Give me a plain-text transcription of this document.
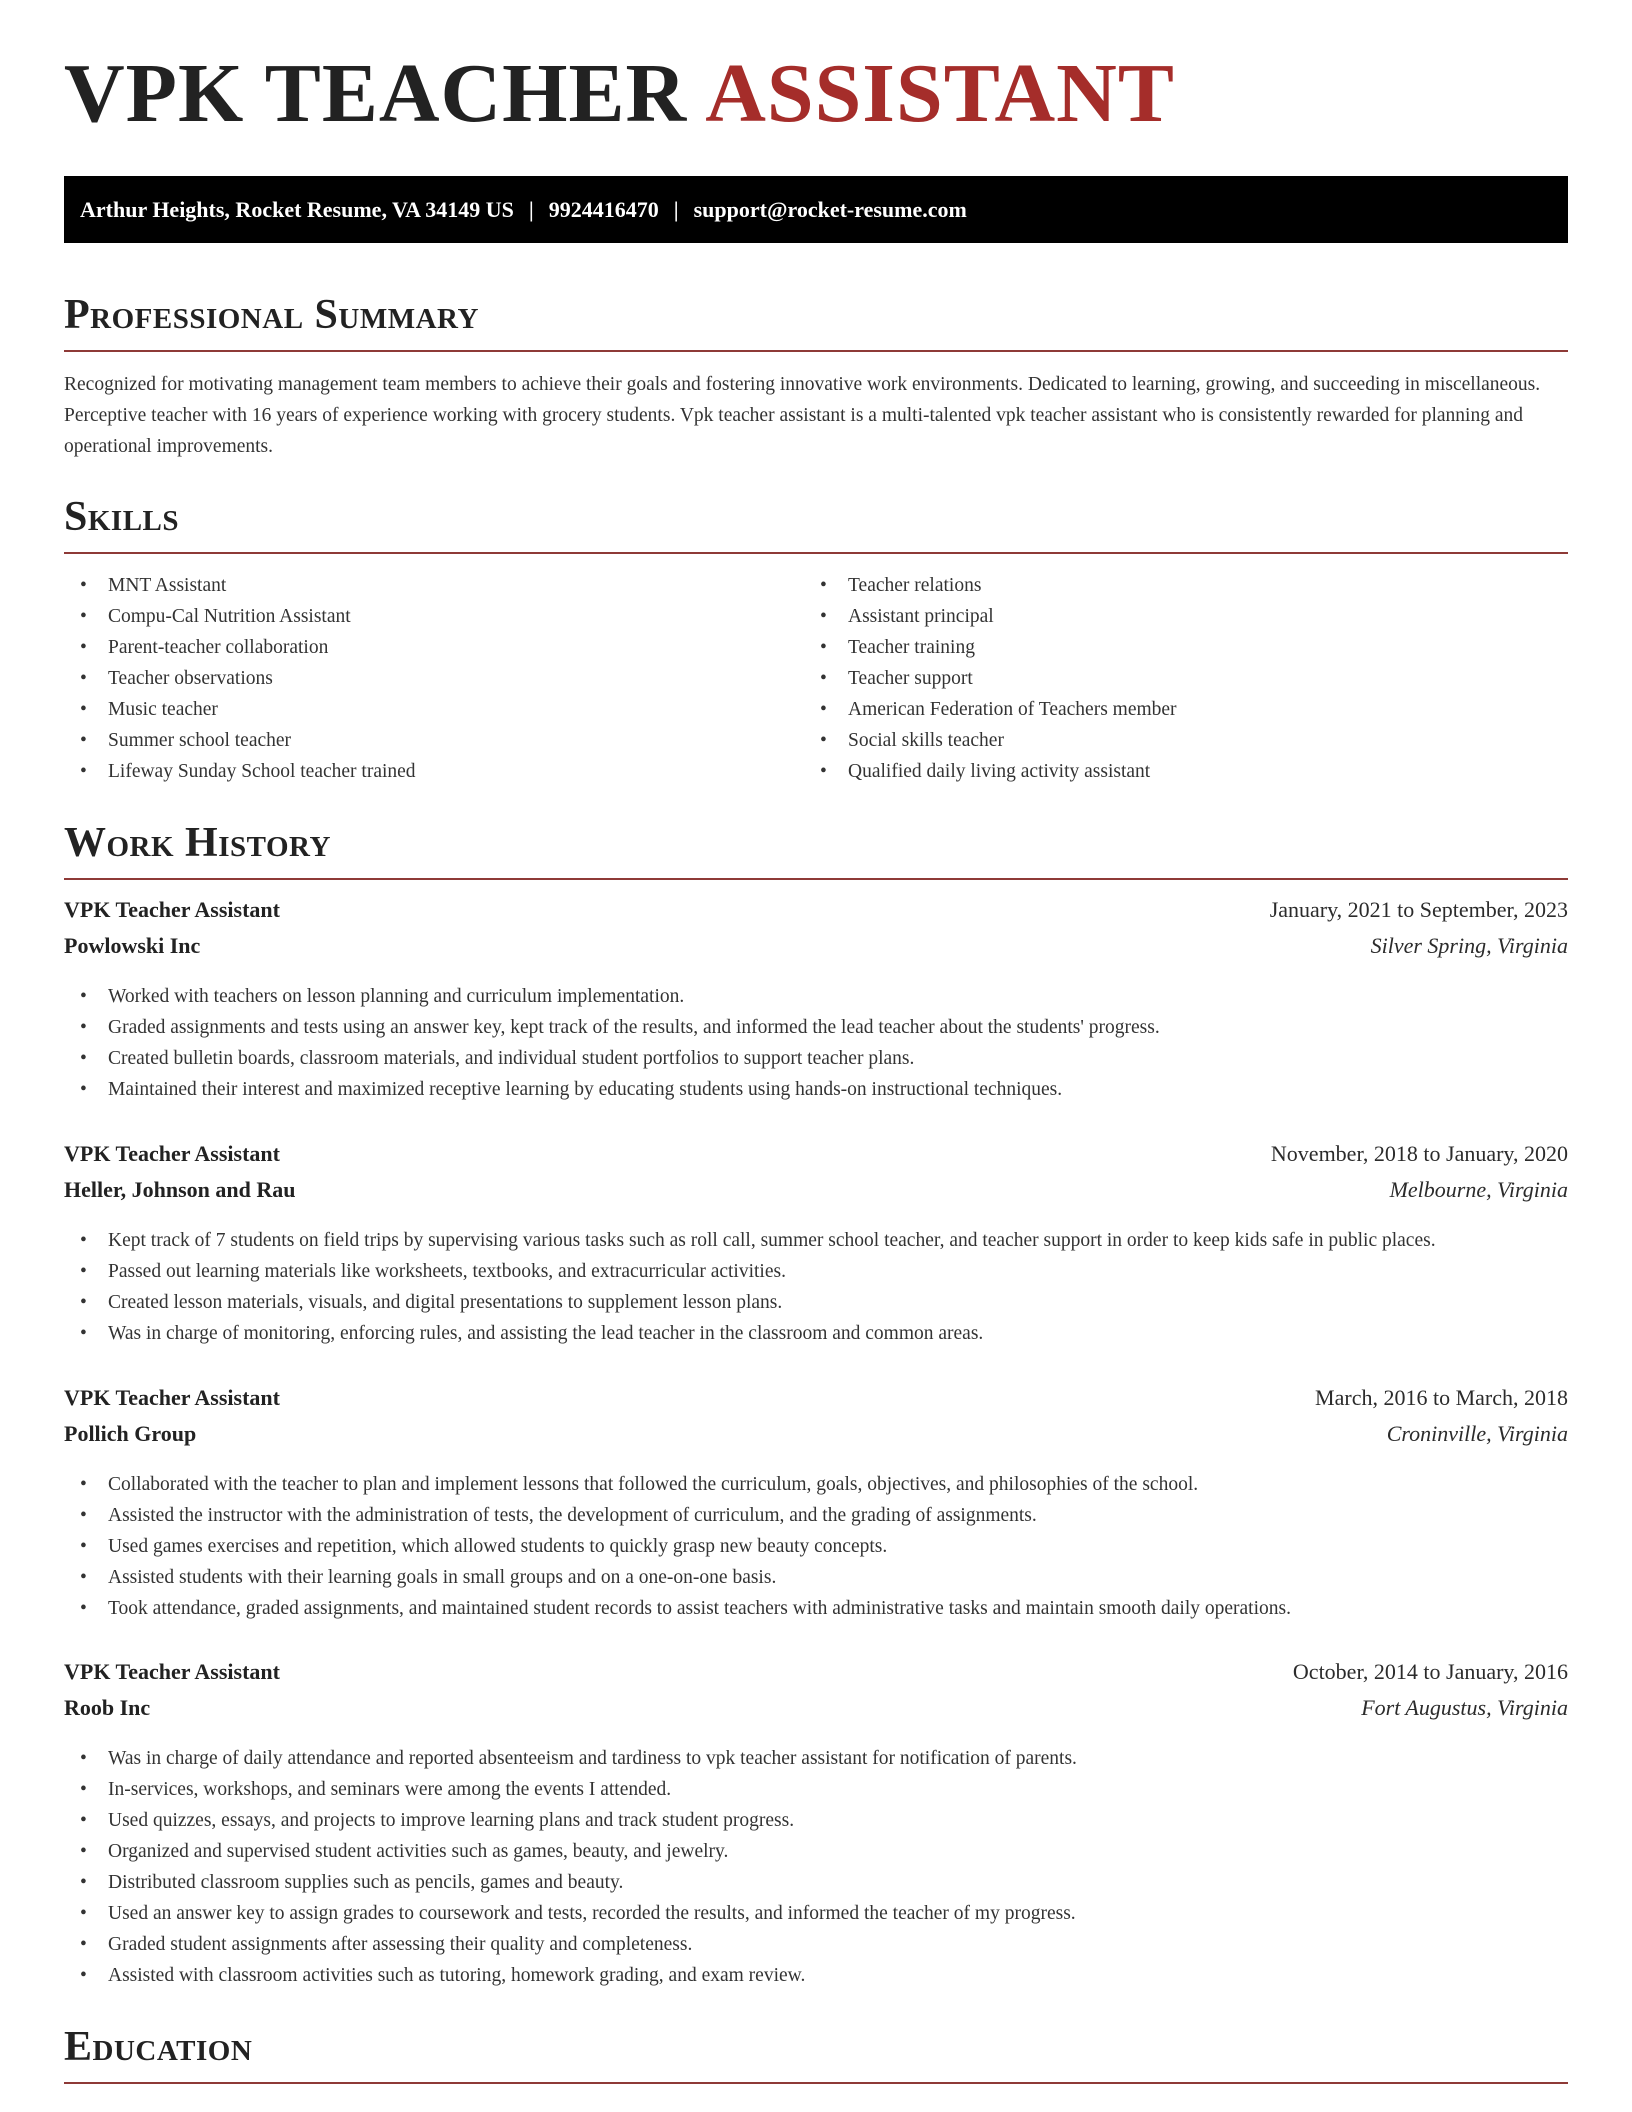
VPK TEACHER ASSISTANT
Arthur Heights, Rocket Resume, VA 34149 US | 9924416470 | support@rocket-resume.com
Professional Summary

Recognized for motivating management team members to achieve their goals and fostering innovative work environments. Dedicated to learning, growing, and succeeding in miscellaneous. Perceptive teacher with 16 years of experience working with grocery students. Vpk teacher assistant is a multi-talented vpk teacher assistant who is consistently rewarded for planning and operational improvements.

Skills
• MNT Assistant
• Compu-Cal Nutrition Assistant
• Parent-teacher collaboration
• Teacher observations
• Music teacher
• Summer school teacher
• Lifeway Sunday School teacher trained
• Teacher relations
• Assistant principal
• Teacher training
• Teacher support
• American Federation of Teachers member
• Social skills teacher
• Qualified daily living activity assistant
Work History
VPK Teacher Assistant	January, 2021 to September, 2023
Powlowski Inc	Silver Spring, Virginia
• Worked with teachers on lesson planning and curriculum implementation.
• Graded assignments and tests using an answer key, kept track of the results, and informed the lead teacher about the students' progress.
• Created bulletin boards, classroom materials, and individual student portfolios to support teacher plans.
• Maintained their interest and maximized receptive learning by educating students using hands-on instructional techniques.
VPK Teacher Assistant	November, 2018 to January, 2020
Heller, Johnson and Rau	Melbourne, Virginia
• Kept track of 7 students on field trips by supervising various tasks such as roll call, summer school teacher, and teacher support in order to keep kids safe in public places.
• Passed out learning materials like worksheets, textbooks, and extracurricular activities.
• Created lesson materials, visuals, and digital presentations to supplement lesson plans.
• Was in charge of monitoring, enforcing rules, and assisting the lead teacher in the classroom and common areas.
VPK Teacher Assistant	March, 2016 to March, 2018
Pollich Group	Croninville, Virginia
• Collaborated with the teacher to plan and implement lessons that followed the curriculum, goals, objectives, and philosophies of the school.
• Assisted the instructor with the administration of tests, the development of curriculum, and the grading of assignments.
• Used games exercises and repetition, which allowed students to quickly grasp new beauty concepts.
• Assisted students with their learning goals in small groups and on a one-on-one basis.
• Took attendance, graded assignments, and maintained student records to assist teachers with administrative tasks and maintain smooth daily operations.
VPK Teacher Assistant	October, 2014 to January, 2016
Roob Inc	Fort Augustus, Virginia
• Was in charge of daily attendance and reported absenteeism and tardiness to vpk teacher assistant for notification of parents.
• In-services, workshops, and seminars were among the events I attended.
• Used quizzes, essays, and projects to improve learning plans and track student progress.
• Organized and supervised student activities such as games, beauty, and jewelry.
• Distributed classroom supplies such as pencils, games and beauty.
• Used an answer key to assign grades to coursework and tests, recorded the results, and informed the teacher of my progress.
• Graded student assignments after assessing their quality and completeness.
• Assisted with classroom activities such as tutoring, homework grading, and exam review.
Education
